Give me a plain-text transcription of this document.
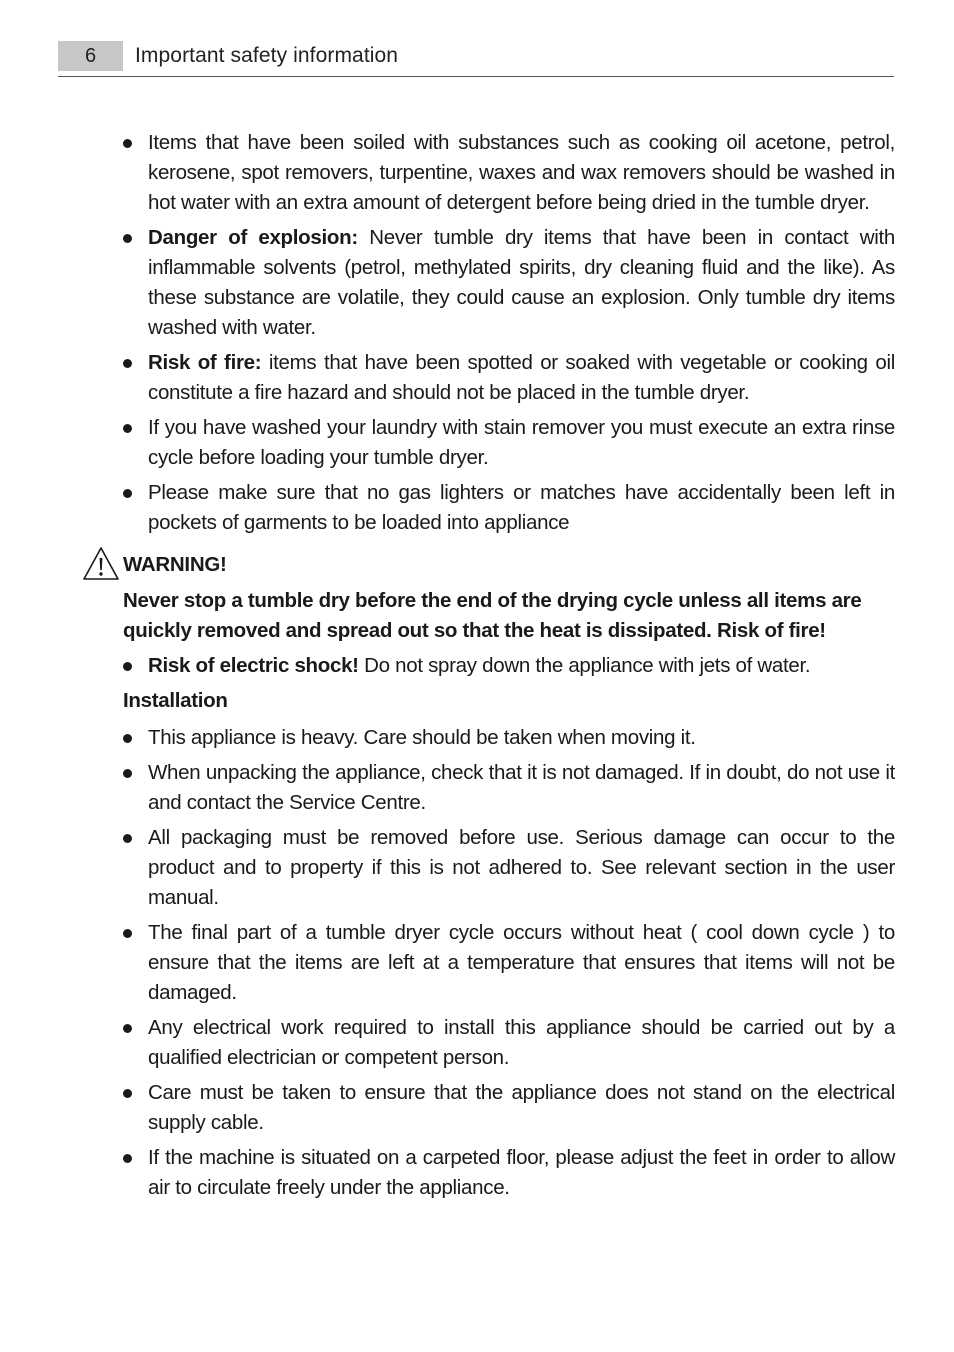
6	Important safety information
Items that have been soiled with substances such as cooking oil acetone, petrol, kerosene, spot removers, turpentine, waxes and wax removers should be washed in hot water with an extra amount of detergent before being dried in the tumble dryer.
Danger of explosion: Never tumble dry items that have been in contact with inflammable solvents (petrol, methylated spirits, dry cleaning fluid and the like). As these substance are volatile, they could cause an explosion. Only tumble dry items washed with water.
Risk of fire: items that have been spotted or soaked with vegetable or cooking oil constitute a fire hazard and should not be placed in the tumble dryer.
If you have washed your laundry with stain remover you must execute an extra rinse cycle before loading your tumble dryer.
Please make sure that no gas lighters or matches have accidentally been left in pockets of garments to be loaded into appliance
WARNING!
Never stop a tumble dry before the end of the drying cycle unless all items are quickly removed and spread out so that the heat is dissipated. Risk of fire!
Risk of electric shock! Do not spray down the appliance with jets of water.
Installation
This appliance is heavy. Care should be taken when moving it.
When unpacking the appliance, check that it is not damaged. If in doubt, do not use it and contact the Service Centre.
All packaging must be removed before use. Serious damage can occur to the product and to property if this is not adhered to. See relevant section in the user manual.
The final part of a tumble dryer cycle occurs without heat ( cool down cycle ) to ensure that the items are left at a temperature that ensures that items will not be damaged.
Any electrical work required to install this appliance should be carried out by a qualified electrician or competent person.
Care must be taken to ensure that the appliance does not stand on the electrical supply cable.
If the machine is situated on a carpeted floor, please adjust the feet in order to allow air to circulate freely under the appliance.
